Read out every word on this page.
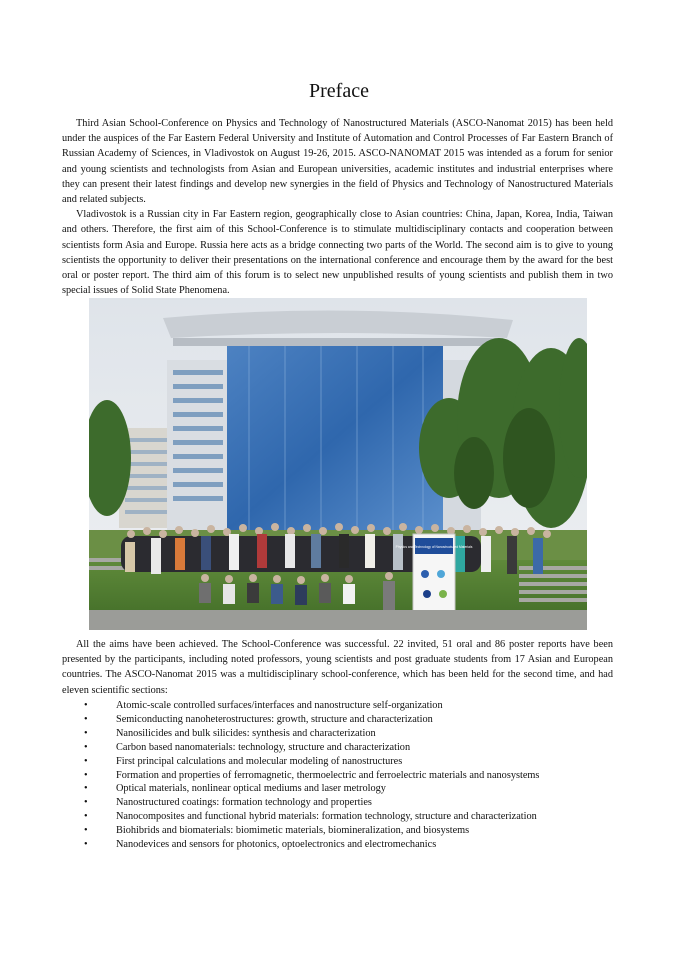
Preface

Third Asian School-Conference on Physics and Technology of Nanostructured Materials (ASCO-Nanomat 2015) has been held under the auspices of the Far Eastern Federal University and Institute of Automation and Control Processes of Far Eastern Branch of Russian Academy of Sciences, in Vladivostok on August 19-26, 2015. ASCO-NANOMAT 2015 was intended as a forum for senior and young scientists and technologists from Asian and European universities, academic institutes and industrial enterprises where they can present their latest findings and develop new synergies in the field of Physics and Technology of Nanostructured Materials and related subjects.

Vladivostok is a Russian city in Far Eastern region, geographically close to Asian countries: China, Japan, Korea, India, Taiwan and others. Therefore, the first aim of this School-Conference is to stimulate multidisciplinary contacts and cooperation between scientists form Asia and Europe. Russia here acts as a bridge connecting two parts of the World. The second aim is to give to young scientists the opportunity to deliver their presentations on the international conference and encourage them by the award for the best oral or poster report. The third aim of this forum is to select new unpublished results of young scientists and publish them in two special issues of Solid State Phenomena.

Physics and Technology of Nanostructured Materials

All the aims have been achieved. The School-Conference was successful. 22 invited, 51 oral and 86 poster reports have been presented by the participants, including noted professors, young scientists and post graduate students from 17 Asian and European countries. The ASCO-Nanomat 2015 was a multidisciplinary school-conference, which has been held for the second time, and had eleven scientific sections:

•	Atomic-scale controlled surfaces/interfaces and nanostructure self-organization
•	Semiconducting nanoheterostructures: growth, structure and characterization
•	Nanosilicides and bulk silicides: synthesis and characterization
•	Carbon based nanomaterials: technology, structure and characterization
•	First principal calculations and molecular modeling of nanostructures
•	Formation and properties of ferromagnetic, thermoelectric and ferroelectric materials and nanosystems
•	Optical materials, nonlinear optical mediums and laser metrology
•	Nanostructured coatings: formation technology and properties
•	Nanocomposites and functional hybrid materials: formation technology, structure and characterization
•	Biohibrids and biomaterials: biomimetic materials, biomineralization, and biosystems
•	Nanodevices and sensors for photonics, optoelectronics and electromechanics
